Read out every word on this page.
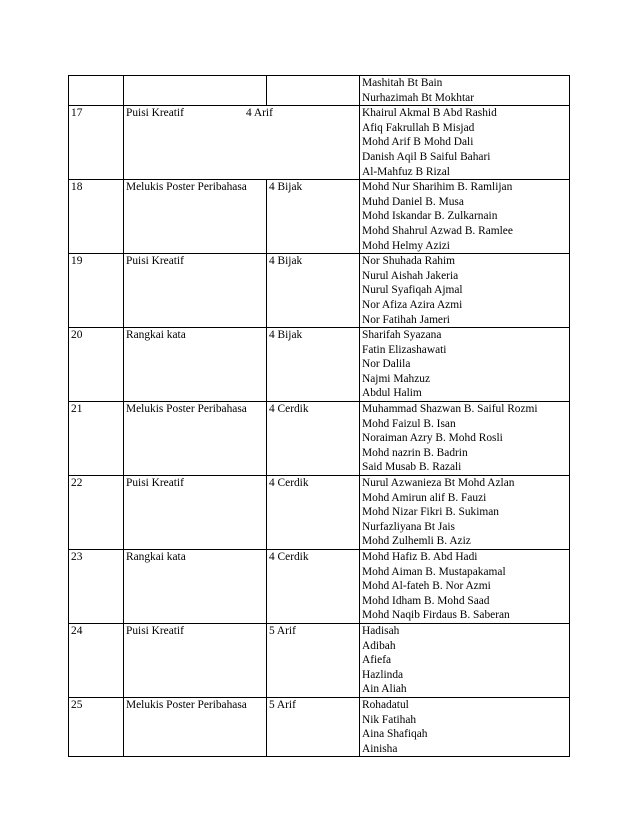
			Mashitah Bt Bain
Nurhazimah Bt Mokhtar

17	Puisi Kreatif 4 Arif		Khairul Akmal B Abd Rashid
Afiq Fakrullah B Misjad
Mohd Arif B Mohd Dali
Danish Aqil B Saiful Bahari
Al-Mahfuz B Rizal

18	Melukis Poster Peribahasa	4 Bijak	Mohd Nur Sharihim B. Ramlijan
Muhd Daniel B. Musa
Mohd Iskandar B. Zulkarnain
Mohd Shahrul Azwad B. Ramlee
Mohd Helmy Azizi

19	Puisi Kreatif	4 Bijak	Nor Shuhada Rahim
Nurul Aishah Jakeria
Nurul Syafiqah Ajmal
Nor Afiza Azira Azmi
Nor Fatihah Jameri

20	Rangkai kata	4 Bijak	Sharifah Syazana
Fatin Elizashawati
Nor Dalila
Najmi Mahzuz
Abdul Halim

21	Melukis Poster Peribahasa	4 Cerdik	Muhammad Shazwan B. Saiful Rozmi
Mohd Faizul B. Isan
Noraiman Azry B. Mohd Rosli
Mohd nazrin B. Badrin
Said Musab B. Razali

22	Puisi Kreatif	4 Cerdik	Nurul Azwanieza Bt Mohd Azlan
Mohd Amirun alif B. Fauzi
Mohd Nizar Fikri B. Sukiman
Nurfazliyana Bt Jais
Mohd Zulhemli B. Aziz

23	Rangkai kata	4 Cerdik	Mohd Hafiz B. Abd Hadi
Mohd Aiman B. Mustapakamal
Mohd Al-fateh B. Nor Azmi
Mohd Idham B. Mohd Saad
Mohd Naqib Firdaus B. Saberan

24	Puisi Kreatif	5 Arif	Hadisah
Adibah
Afiefa
Hazlinda
Ain Aliah

25	Melukis Poster Peribahasa	5 Arif	Rohadatul
Nik Fatihah
Aina Shafiqah
Ainisha
